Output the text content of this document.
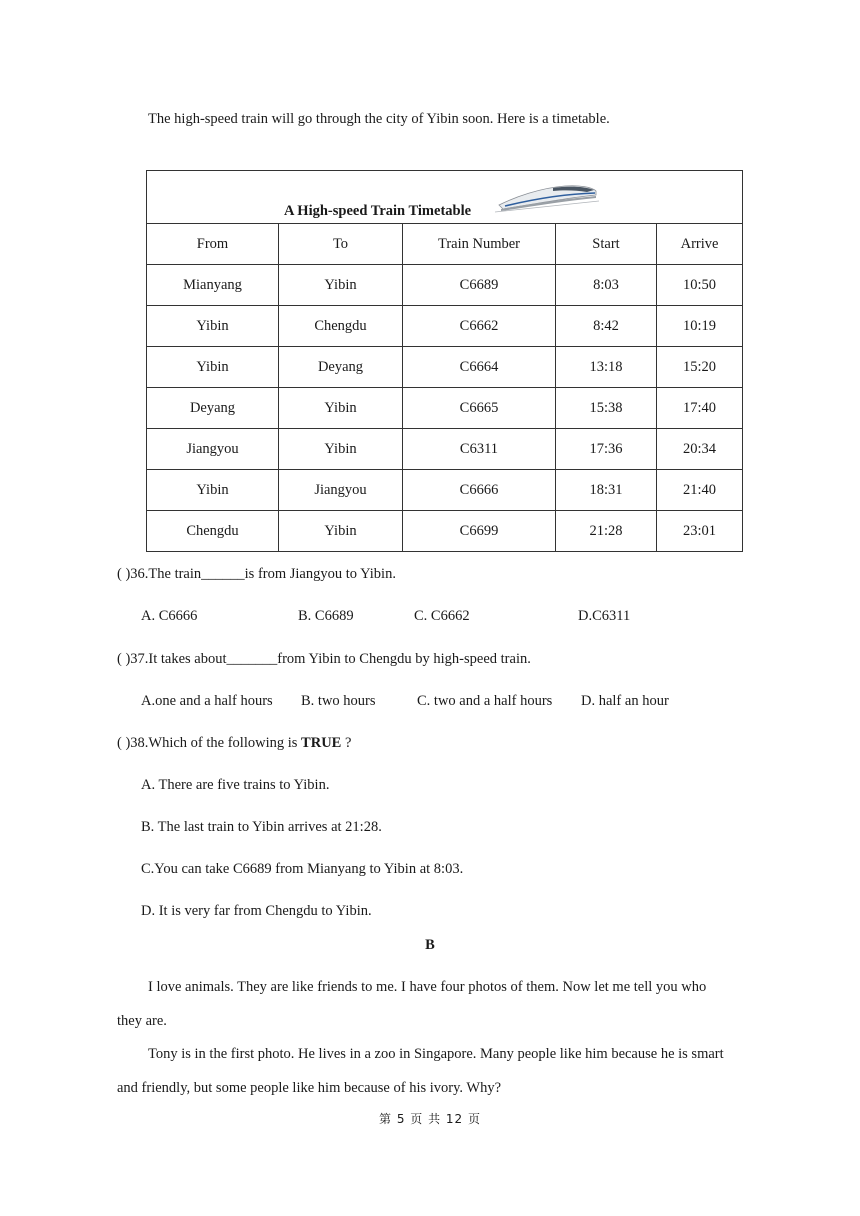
The high-speed train will go through the city of Yibin soon. Here is a timetable.
A High-speed Train Timetable				
From	To	Train Number	Start	Arrive
Mianyang	Yibin	C6689	8:03	10:50
Yibin	Chengdu	C6662	8:42	10:19
Yibin	Deyang	C6664	13:18	15:20
Deyang	Yibin	C6665	15:38	17:40
Jiangyou	Yibin	C6311	17:36	20:34
Yibin	Jiangyou	C6666	18:31	21:40
Chengdu	Yibin	C6699	21:28	23:01
( )36.The train______is from Jiangyou to Yibin.
A. C6666	B. C6689	C. C6662	D.C6311
( )37.It takes about_______from Yibin to Chengdu by high-speed train.
A.one and a half hours B. two hours	C. two and a half hours D. half an hour
( )38.Which of the following is TRUE ?
A. There are five trains to Yibin.
B. The last train to Yibin arrives at 21:28.
C.You can take C6689 from Mianyang to Yibin at 8:03.
D. It is very far from Chengdu to Yibin.
B
I love animals. They are like friends to me. I have four photos of them. Now let me tell you who
they are.
Tony is in the first photo. He lives in a zoo in Singapore. Many people like him because he is smart
and friendly, but some people like him because of his ivory. Why?
第 5 页 共 12 页
